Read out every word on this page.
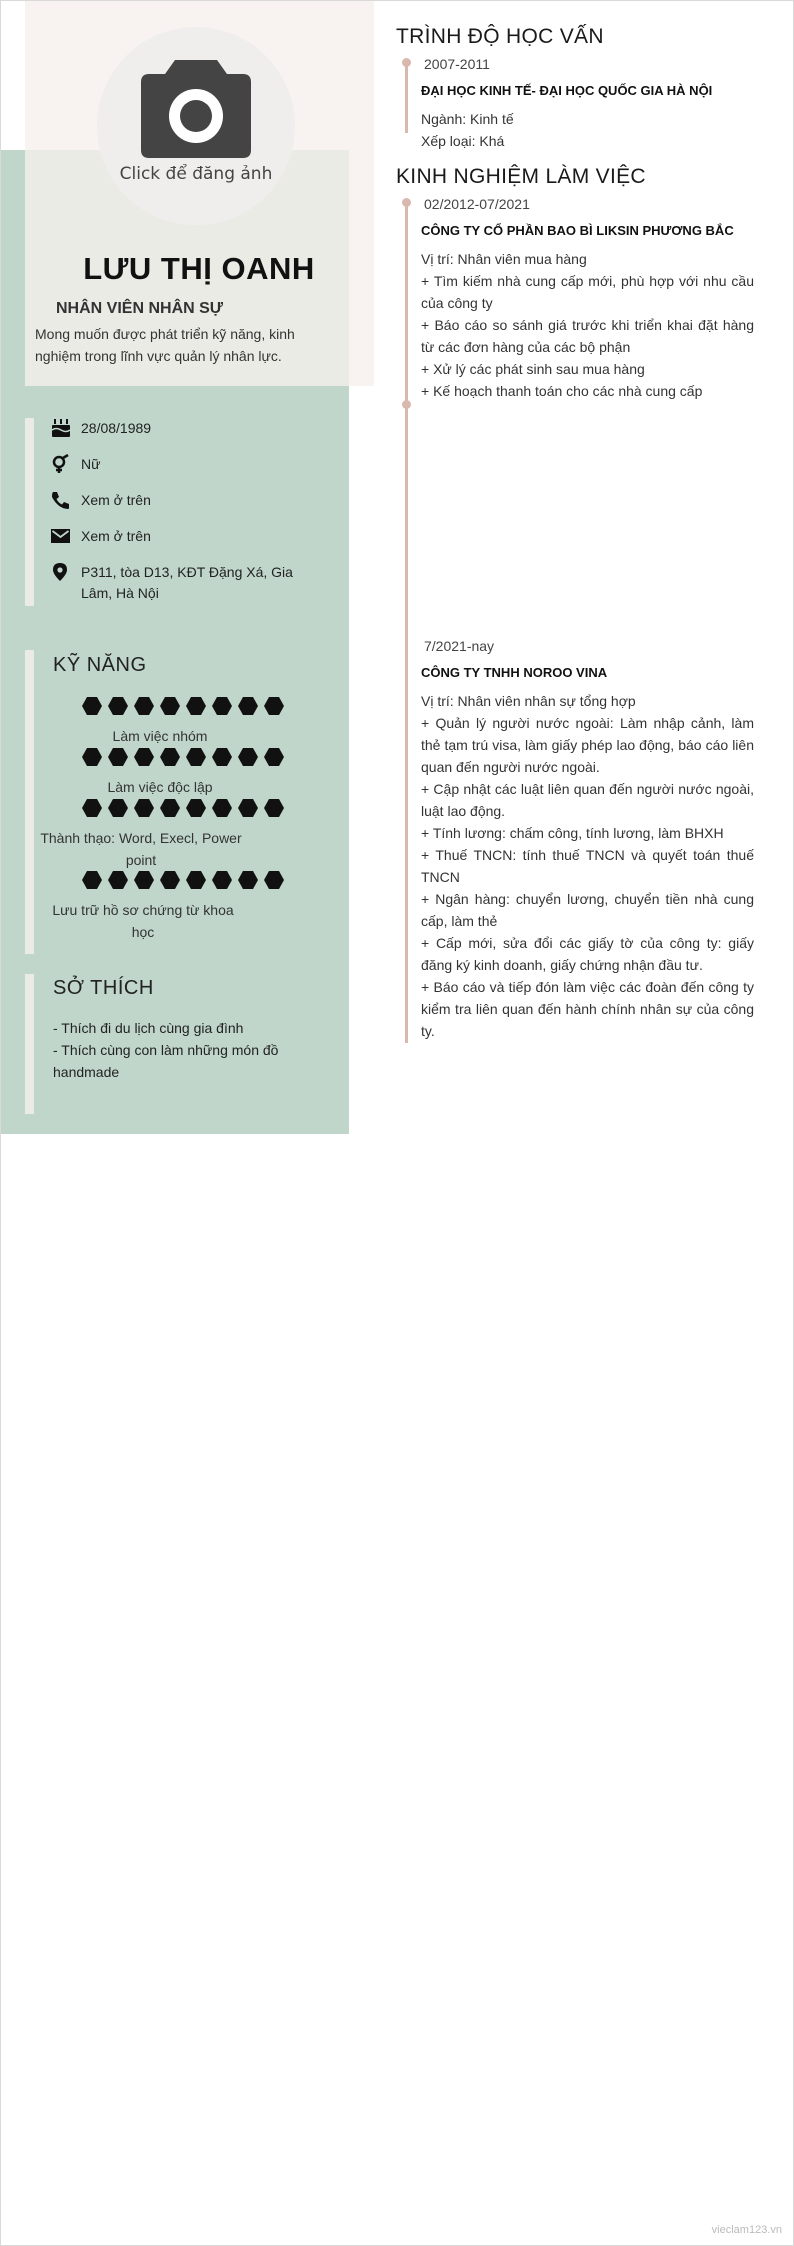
Click để đăng ảnh
LƯU THỊ OANH
NHÂN VIÊN NHÂN SỰ
Mong muốn được phát triển kỹ năng, kinh nghiệm trong lĩnh vực quản lý nhân lực.
28/08/1989
Nữ
Xem ở trên
Xem ở trên
P311, tòa D13, KĐT Đặng Xá, Gia Lâm, Hà Nội
KỸ NĂNG
Làm việc nhóm
Làm việc độc lập
Thành thạo: Word, Execl, Power point
Lưu trữ hồ sơ chứng từ khoa học
SỞ THÍCH
- Thích đi du lịch cùng gia đình
- Thích cùng con làm những món đồ handmade
TRÌNH ĐỘ HỌC VẤN
2007-2011
ĐẠI HỌC KINH TẾ- ĐẠI HỌC QUỐC GIA HÀ NỘI

Ngành: Kinh tế

Xếp loại: Khá

KINH NGHIỆM LÀM VIỆC
02/2012-07/2021
CÔNG TY CỔ PHẦN BAO BÌ LIKSIN PHƯƠNG BẮC

Vị trí: Nhân viên mua hàng

+ Tìm kiếm nhà cung cấp mới, phù hợp với nhu cầu của công ty

+ Báo cáo so sánh giá trước khi triển khai đặt hàng từ các đơn hàng của các bộ phận

+ Xử lý các phát sinh sau mua hàng

+ Kế hoạch thanh toán cho các nhà cung cấp

7/2021-nay
CÔNG TY TNHH NOROO VINA

Vị trí: Nhân viên nhân sự tổng hợp

+ Quản lý người nước ngoài: Làm nhập cảnh, làm thẻ tạm trú visa, làm giấy phép lao động, báo cáo liên quan đến người nước ngoài.

+ Cập nhật các luật liên quan đến người nước ngoài, luật lao động.

+ Tính lương: chấm công, tính lương, làm BHXH

+ Thuế TNCN: tính thuế TNCN và quyết toán thuế TNCN

+ Ngân hàng: chuyển lương, chuyển tiền nhà cung cấp, làm thẻ

+ Cấp mới, sửa đổi các giấy tờ của công ty: giấy đăng ký kinh doanh, giấy chứng nhận đầu tư.

+ Báo cáo và tiếp đón làm việc các đoàn đến công ty kiểm tra liên quan đến hành chính nhân sự của công ty.

vieclam123.vn
